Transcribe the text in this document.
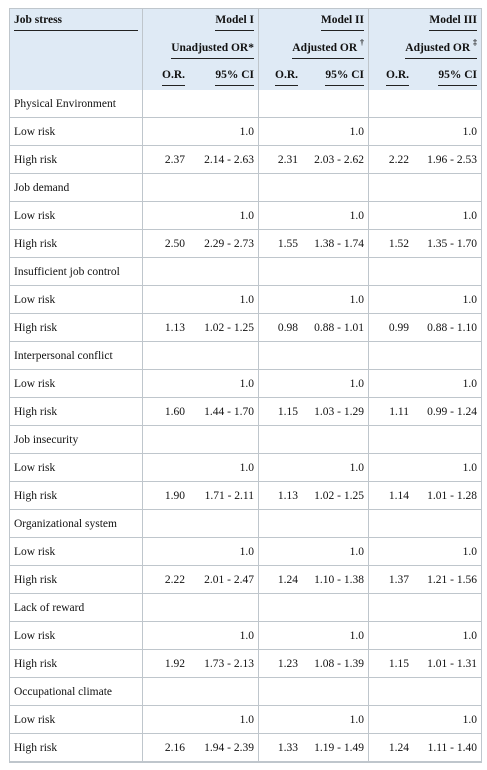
Job stress	Model I		Model II		Model III	
	Unadjusted OR*		Adjusted OR †		Adjusted OR ‡
	O.R.	95% CI	O.R.	95% CI	O.R.	95% CI
Physical Environment						
Low risk		1.0		1.0		1.0
High risk	2.37	2.14 - 2.63	2.31	2.03 - 2.62	2.22	1.96 - 2.53
Job demand						
Low risk		1.0		1.0		1.0
High risk	2.50	2.29 - 2.73	1.55	1.38 - 1.74	1.52	1.35 - 1.70
Insufficient job control						
Low risk		1.0		1.0		1.0
High risk	1.13	1.02 - 1.25	0.98	0.88 - 1.01	0.99	0.88 - 1.10
Interpersonal conflict						
Low risk		1.0		1.0		1.0
High risk	1.60	1.44 - 1.70	1.15	1.03 - 1.29	1.11	0.99 - 1.24
Job insecurity						
Low risk		1.0		1.0		1.0
High risk	1.90	1.71 - 2.11	1.13	1.02 - 1.25	1.14	1.01 - 1.28
Organizational system						
Low risk		1.0		1.0		1.0
High risk	2.22	2.01 - 2.47	1.24	1.10 - 1.38	1.37	1.21 - 1.56
Lack of reward						
Low risk		1.0		1.0		1.0
High risk	1.92	1.73 - 2.13	1.23	1.08 - 1.39	1.15	1.01 - 1.31
Occupational climate						
Low risk		1.0		1.0		1.0
High risk	2.16	1.94 - 2.39	1.33	1.19 - 1.49	1.24	1.11 - 1.40
